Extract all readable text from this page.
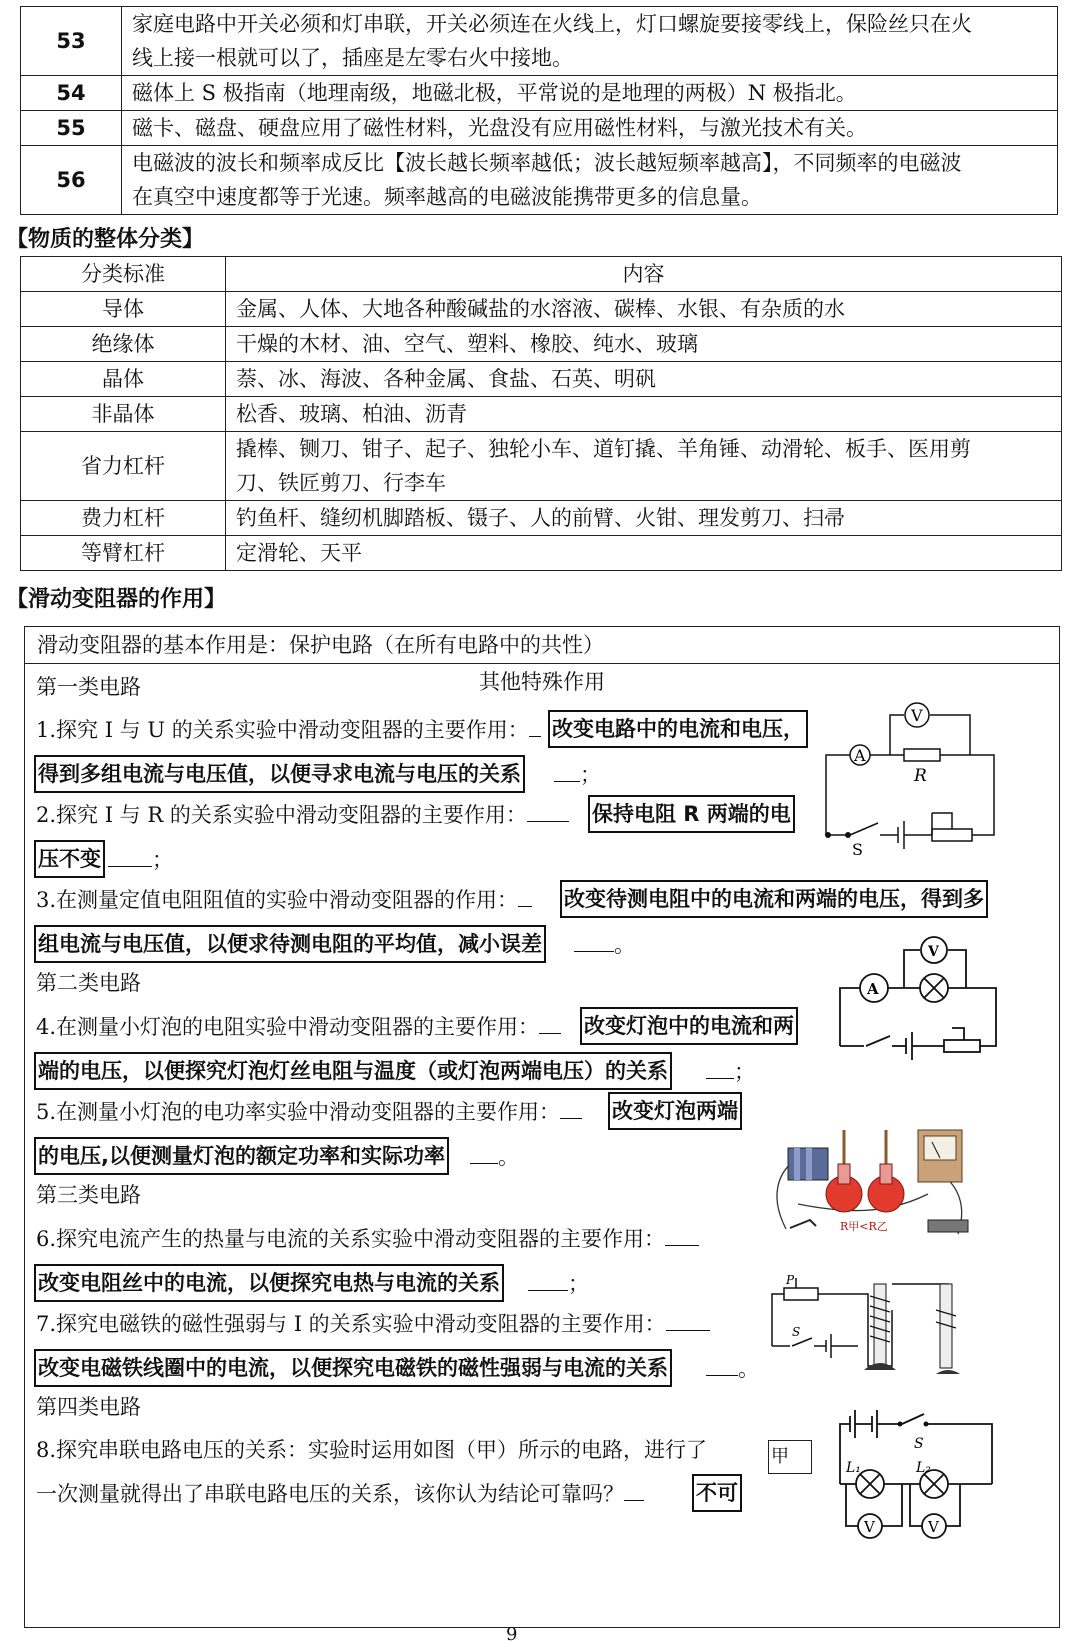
53	家庭电路中开关必须和灯串联，开关必须连在火线上，灯口螺旋要接零线上，保险丝只在火
线上接一根就可以了，插座是左零右火中接地。

54	磁体上 S 极指南（地理南级，地磁北极，平常说的是地理的两极）N 极指北。
55	磁卡、磁盘、硬盘应用了磁性材料，光盘没有应用磁性材料，与激光技术有关。
56	电磁波的波长和频率成反比【波长越长频率越低；波长越短频率越高】，不同频率的电磁波
在真空中速度都等于光速。频率越高的电磁波能携带更多的信息量。
【物质的整体分类】
分类标准	内容
导体	金属、人体、大地各种酸碱盐的水溶液、碳棒、水银、有杂质的水
绝缘体	干燥的木材、油、空气、塑料、橡胶、纯水、玻璃
晶体	萘、冰、海波、各种金属、食盐、石英、明矾
非晶体	松香、玻璃、柏油、沥青
省力杠杆	撬棒、铡刀、钳子、起子、独轮小车、道钉撬、羊角锤、动滑轮、板手、医用剪
刀、铁匠剪刀、行李车

费力杠杆	钓鱼杆、缝纫机脚踏板、镊子、人的前臂、火钳、理发剪刀、扫帚
等臂杠杆	定滑轮、天平
【滑动变阻器的作用】
滑动变阻器的基本作用是：保护电路（在所有电路中的共性）
其他特殊作用
第一类电路
1.探究 I 与 U 的关系实验中滑动变阻器的主要作用：	改变电路中的电流和电压，
得到多组电流与电压值，以便寻求电流与电压的关系	；
2.探究 I 与 R 的关系实验中滑动变阻器的主要作用：	保持电阻 R 两端的电
压不变	；
3.在测量定值电阻阻值的实验中滑动变阻器的作用：	改变待测电阻中的电流和两端的电压，得到多
组电流与电压值，以便求待测电阻的平均值，减小误差	。
第二类电路
4.在测量小灯泡的电阻实验中滑动变阻器的主要作用：	改变灯泡中的电流和两
端的电压，以便探究灯泡灯丝电阻与温度（或灯泡两端电压）的关系	；
5.在测量小灯泡的电功率实验中滑动变阻器的主要作用：	改变灯泡两端
的电压,以便测量灯泡的额定功率和实际功率	。
第三类电路
6.探究电流产生的热量与电流的关系实验中滑动变阻器的主要作用：
改变电阻丝中的电流，以便探究电热与电流的关系	；
7.探究电磁铁的磁性强弱与 I 的关系实验中滑动变阻器的主要作用：
改变电磁铁线圈中的电流，以便探究电磁铁的磁性强弱与电流的关系	。
第四类电路
8.探究串联电路电压的关系：实验时运用如图（甲）所示的电路，进行了
一次测量就得出了串联电路电压的关系，该你认为结论可靠吗？	不可
V
A
R
S
A
V
R甲<R乙
P
S
甲
S
L₁	L₂
V	V
9
